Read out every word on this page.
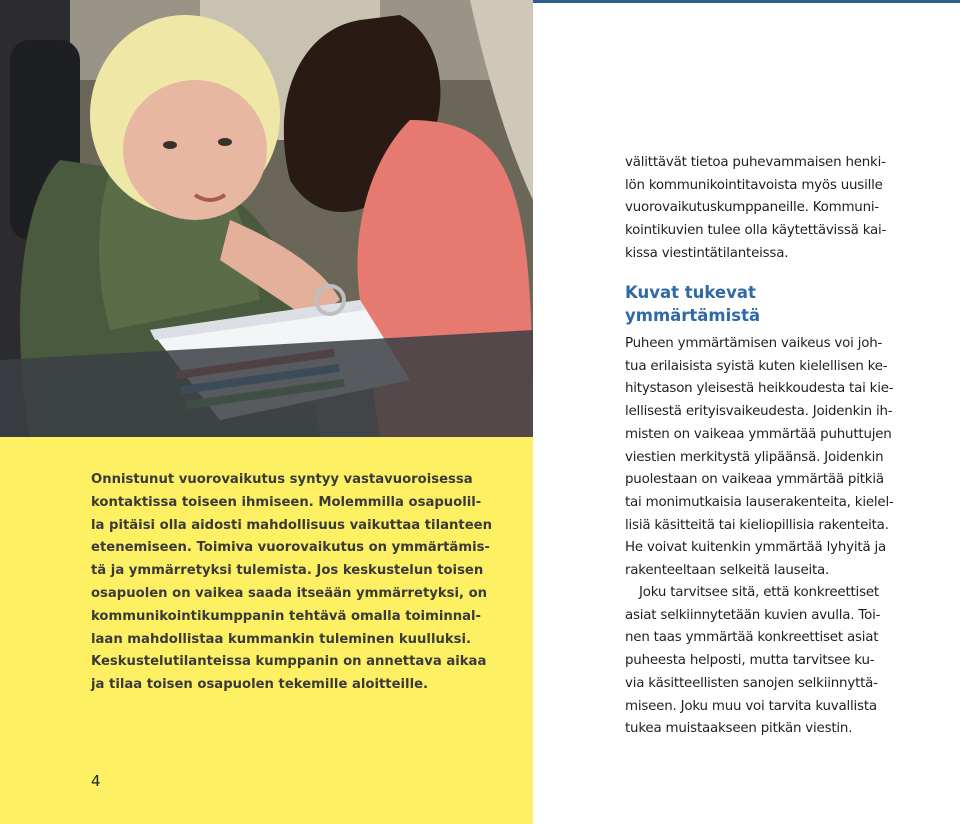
Onnistunut vuorovaikutus syntyy vastavuoroisessa
kontaktissa toiseen ihmiseen. Molemmilla osapuolil-
la pitäisi olla aidosti mahdollisuus vaikuttaa tilanteen
etenemiseen. Toimiva vuorovaikutus on ymmärtämis-
tä ja ymmärretyksi tulemista. Jos keskustelun toisen
osapuolen on vaikea saada itseään ymmärretyksi, on
kommunikointikumppanin tehtävä omalla toiminnal-
laan mahdollistaa kummankin tuleminen kuulluksi.
Keskustelutilanteissa kumppanin on annettava aikaa
ja tilaa toisen osapuolen tekemille aloitteille.
4

välittävät tietoa puhevammaisen henki-
lön kommunikointitavoista myös uusille
vuorovaikutuskumppaneille. Kommuni-
kointikuvien tulee olla käytettävissä kai-
kissa viestintätilanteissa.

Kuvat tukevat
ymmärtämistä

Puheen ymmärtämisen vaikeus voi joh-
tua erilaisista syistä kuten kielellisen ke-
hitystason yleisestä heikkoudesta tai kie-
lellisestä erityisvaikeudesta. Joidenkin ih-
misten on vaikeaa ymmärtää puhuttujen
viestien merkitystä ylipäänsä. Joidenkin
puolestaan on vaikeaa ymmärtää pitkiä
tai monimutkaisia lauserakenteita, kielel-
lisiä käsitteitä tai kieliopillisia rakenteita.
He voivat kuitenkin ymmärtää lyhyitä ja
rakenteeltaan selkeitä lauseita.

Joku tarvitsee sitä, että konkreettiset
asiat selkiinnytetään kuvien avulla. Toi-
nen taas ymmärtää konkreettiset asiat
puheesta helposti, mutta tarvitsee ku-
via käsitteellisten sanojen selkiinnyttä-
miseen. Joku muu voi tarvita kuvallista
tukea muistaakseen pitkän viestin.
